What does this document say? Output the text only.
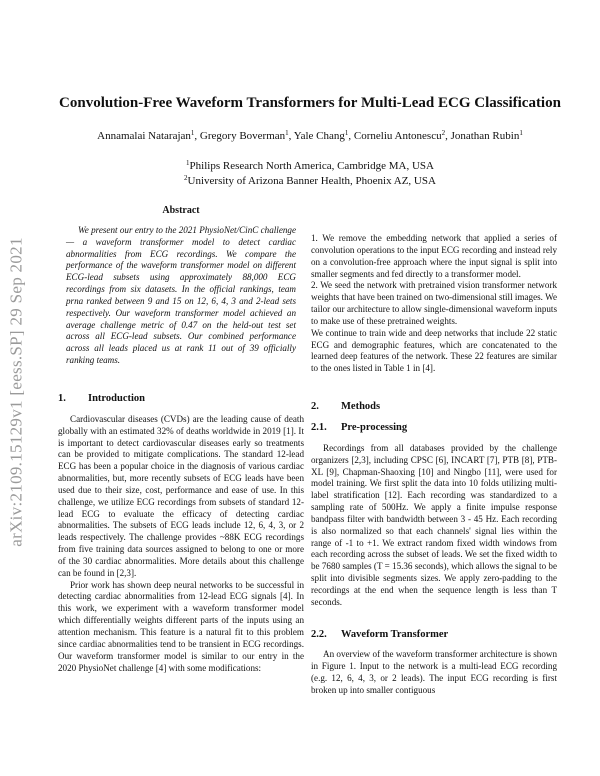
arXiv:2109.15129v1 [eess.SP] 29 Sep 2021
Convolution-Free Waveform Transformers for Multi-Lead ECG Classification
Annamalai Natarajan$^1$, Gregory Boverman$^1$, Yale Chang$^1$, Corneliu Antonescu$^2$, Jonathan Rubin$^1$
$^1$Philips Research North America, Cambridge MA, USA
$^2$University of Arizona Banner Health, Phoenix AZ, USA
Abstract

We present our entry to the 2021 PhysioNet/CinC challenge — a waveform transformer model to detect cardiac abnormalities from ECG recordings. We compare the performance of the waveform transformer model on different ECG-lead subsets using approximately 88,000 ECG recordings from six datasets. In the official rankings, team prna ranked between 9 and 15 on 12, 6, 4, 3 and 2-lead sets respectively. Our waveform transformer model achieved an average challenge metric of 0.47 on the held-out test set across all ECG-lead subsets. Our combined performance across all leads placed us at rank 11 out of 39 officially ranking teams.

1. Introduction

Cardiovascular diseases (CVDs) are the leading cause of death globally with an estimated 32% of deaths worldwide in 2019 [1]. It is important to detect cardiovascular diseases early so treatments can be provided to mitigate complications. The standard 12-lead ECG has been a popular choice in the diagnosis of various cardiac abnormalities, but, more recently subsets of ECG leads have been used due to their size, cost, performance and ease of use. In this challenge, we utilize ECG recordings from subsets of standard 12-lead ECG to evaluate the efficacy of detecting cardiac abnormalities. The subsets of ECG leads include 12, 6, 4, 3, or 2 leads respectively. The challenge provides ~88K ECG recordings from five training data sources assigned to belong to one or more of the 30 cardiac abnormalities. More details about this challenge can be found in [2,3].

Prior work has shown deep neural networks to be successful in detecting cardiac abnormalities from 12-lead ECG signals [4]. In this work, we experiment with a waveform transformer model which differentially weights different parts of the inputs using an attention mechanism. This feature is a natural fit to this problem since cardiac abnormalities tend to be transient in ECG recordings. Our waveform transformer model is similar to our entry in the 2020 PhysioNet challenge [4] with some modifications:

1. We remove the embedding network that applied a series of convolution operations to the input ECG recording and instead rely on a convolution-free approach where the input signal is split into smaller segments and fed directly to a transformer model.

2. We seed the network with pretrained vision transformer network weights that have been trained on two-dimensional still images. We tailor our architecture to allow single-dimensional waveform inputs to make use of these pretrained weights.

We continue to train wide and deep networks that include 22 static ECG and demographic features, which are concatenated to the learned deep features of the network. These 22 features are similar to the ones listed in Table 1 in [4].

2. Methods
2.1. Pre-processing

Recordings from all databases provided by the challenge organizers [2,3], including CPSC [6], INCART [7], PTB [8], PTB-XL [9], Chapman-Shaoxing [10] and Ningbo [11], were used for model training. We first split the data into 10 folds utilizing multi-label stratification [12]. Each recording was standardized to a sampling rate of 500Hz. We apply a finite impulse response bandpass filter with bandwidth between 3 - 45 Hz. Each recording is also normalized so that each channels' signal lies within the range of -1 to +1. We extract random fixed width windows from each recording across the subset of leads. We set the fixed width to be 7680 samples (T = 15.36 seconds), which allows the signal to be split into divisible segments sizes. We apply zero-padding to the recordings at the end when the sequence length is less than T seconds.

2.2. Waveform Transformer

An overview of the waveform transformer architecture is shown in Figure 1. Input to the network is a multi-lead ECG recording (e.g. 12, 6, 4, 3, or 2 leads). The input ECG recording is first broken up into smaller contiguous
